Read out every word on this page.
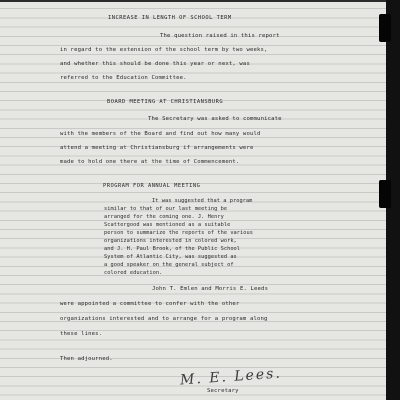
INCREASE IN LENGTH OF SCHOOL TERM
The question raised in this report
in regard to the extension of the school term by two weeks,
and whether this should be done this year or next, was
referred to the Education Committee.
BOARD MEETING AT CHRISTIANSBURG
The Secretary was asked to communicate
with the members of the Board and find out how many would
attend a meeting at Christiansburg if arrangements were
made to hold one there at the time of Commencement.
PROGRAM FOR ANNUAL MEETING
It was suggested that a program
similar to that of our last meeting be
arranged for the coming one. J. Henry
Scattergood was mentioned as a suitable
person to summarize the reports of the various
organizations interested in colored work,
and J. H. Paul Brook, of the Public School
System of Atlantic City, was suggested as
a good speaker on the general subject of
colored education.
John T. Emlen and Morris E. Leeds
were appointed a committee to confer with the other
organizations interested and to arrange for a program along
these lines.
Then adjourned.
M. E. Lees.
Secretary
